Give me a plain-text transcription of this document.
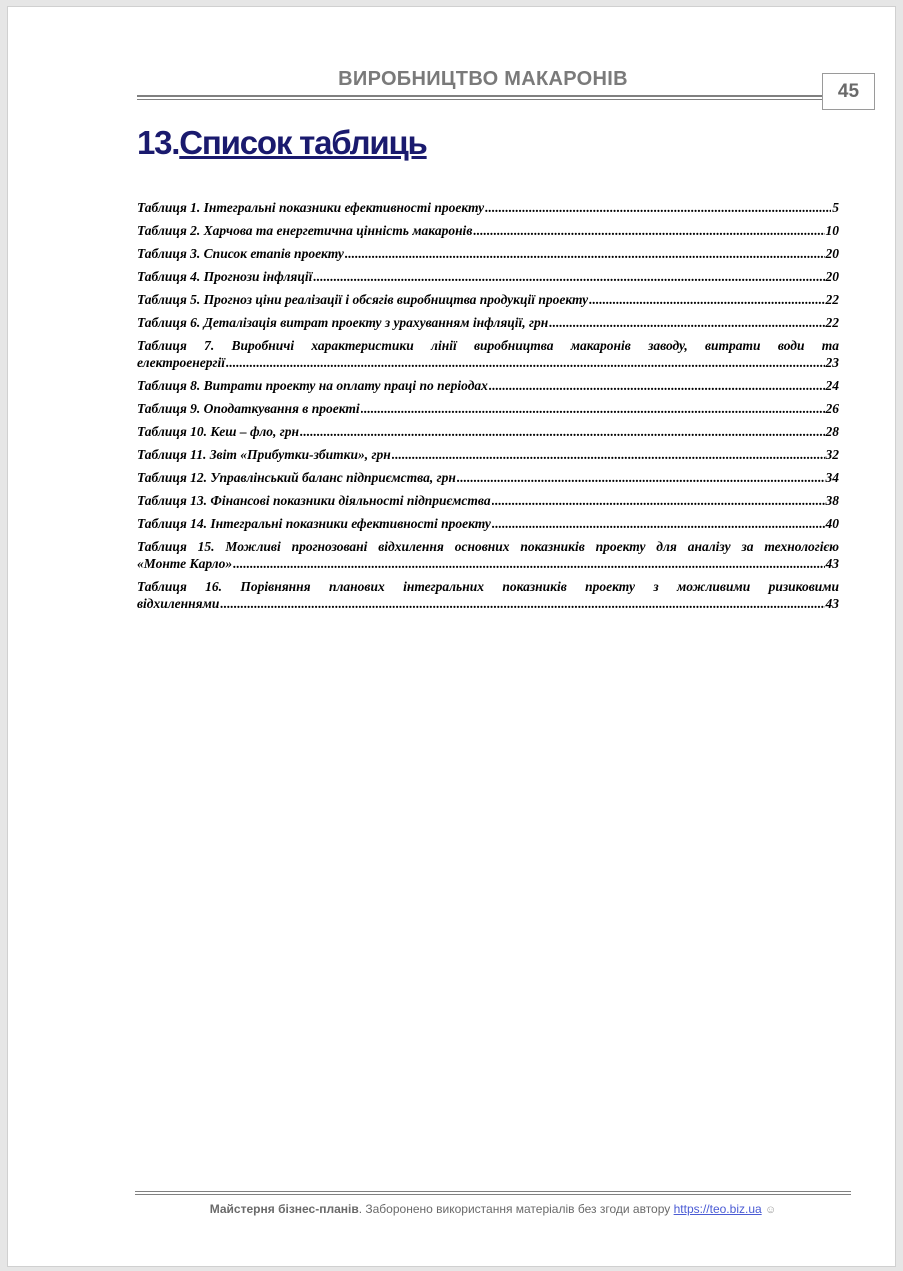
ВИРОБНИЦТВО МАКАРОНІВ
45
13.Список таблиць
Таблиця 1. Інтегральні показники ефективності проекту .....	5
Таблиця 2. Харчова та енергетична цінність макаронів .....	10
Таблиця 3. Список етапів проекту .....	20
Таблиця 4. Прогнози інфляції .....	20
Таблиця 5. Прогноз ціни реалізації і обсягів виробництва продукції проекту .....	22
Таблиця 6. Деталізація витрат проекту з урахуванням інфляції, грн .....	22
Таблиця 7. Виробничі характеристики лінії виробництва макаронів заводу, витрати води та
електроенергії .....	23
Таблиця 8. Витрати проекту на оплату праці по періодах .....	24
Таблиця 9. Оподаткування в проекті .....	26
Таблиця 10. Кеш – фло, грн .....	28
Таблиця 11. Звіт «Прибутки-збитки», грн .....	32
Таблиця 12. Управлінський баланс підприємства, грн .....	34
Таблиця 13. Фінансові показники діяльності підприємства .....	38
Таблиця 14. Інтегральні показники ефективності проекту .....	40
Таблиця 15. Можливі прогнозовані відхилення основних показників проекту для аналізу за технологією
«Монте Карло» .....	43
Таблиця 16. Порівняння планових інтегральних показників проекту з можливими ризиковими
відхиленнями .....	43
Майстерня бізнес-планів. Заборонено використання матеріалів без згоди автору https://teo.biz.ua ☺
